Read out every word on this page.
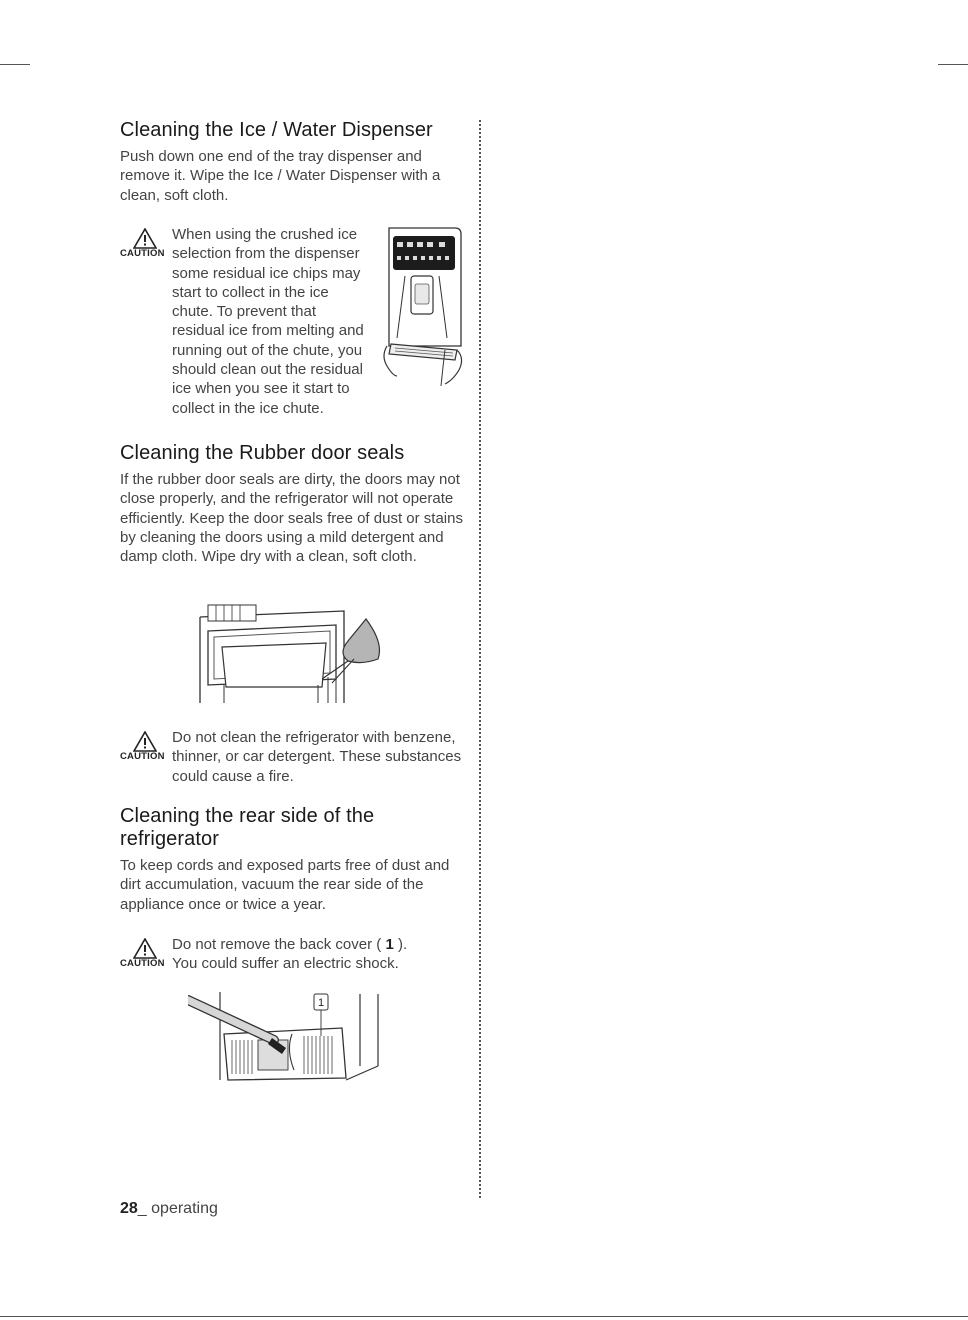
Cleaning the Ice / Water Dispenser

Push down one end of the tray dispenser and remove it. Wipe the Ice / Water Dispenser with a clean, soft cloth.

CAUTION
When using the crushed ice selection from the dispenser some residual ice chips may start to collect in the ice chute. To prevent that residual ice from melting and running out of the chute, you should clean out the residual ice when you see it start to collect in the ice chute.
Cleaning the Rubber door seals

If the rubber door seals are dirty, the doors may not close properly, and the refrigerator will not operate efficiently. Keep the door seals free of dust or stains by cleaning the doors using a mild detergent and damp cloth. Wipe dry with a clean, soft cloth.

CAUTION
Do not clean the refrigerator with benzene, thinner, or car detergent. These substances could cause a fire.
Cleaning the rear side of the refrigerator

To keep cords and exposed parts free of dust and dirt accumulation, vacuum the rear side of the appliance once or twice a year.

CAUTION
Do not remove the back cover ( 1 ). You could suffer an electric shock.
1
28_ operating
